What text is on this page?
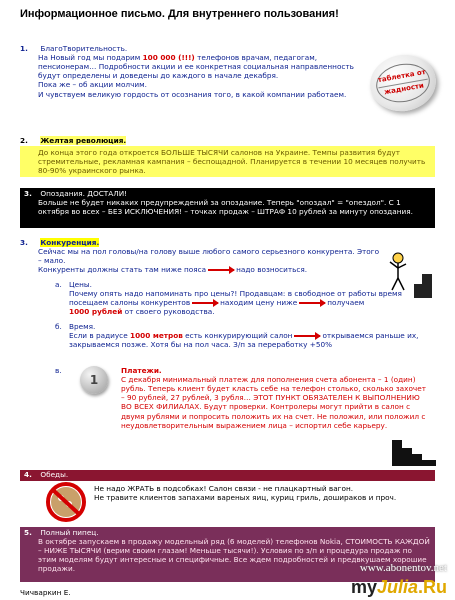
Информационное письмо. Для внутреннего пользования!
1. БлагоТворительность.
На Новый год мы подарим 100 000 (!!!) телефонов врачам, педагогам, пенсионерам… Подробности акции и ее конкретная социальная направленность будут определены и доведены до каждого в начале декабря.
Пока же – об акции молчим.
И чувствуем великую гордость от осознания того, в какой компании работаем.
таблетка от
жадности
2. Желтая революция.
До конца этого года откроется БОЛЬШЕ ТЫСЯЧИ салонов на Украине. Темпы развития будут стремительные, рекламная кампания – беспощадной. Планируется в течении 10 месяцев получить 80-90% украинского рынка.
3. Опоздания. ДОСТАЛИ!
Больше не будет никаких предупреждений за опоздание. Теперь "опоздал" = "опездол". С 1 октября во всех – БЕЗ ИСКЛЮЧЕНИЯ! – точках продаж – ШТРАФ 10 рублей за минуту опоздания.
3. Конкуренция.
Сейчас мы на пол головы/на голову выше любого самого серьезного конкурента. Этого – мало.
Конкуренты должны стать там ниже пояса	надо возноситься.
a. Цены.
Почему опять надо напоминать про цены?! Продавцам: в свободное от работы время посещаем салоны конкурентов	находим цену ниже	получаем
1000 рублей от своего руководства.
б. Время.
Если в радиусе 1000 метров есть конкурирующий салон	открываемся раньше их, закрываемся позже. Хотя бы на пол часа. З/п за переработку +50%
1
в.	Платежи.
С декабря минимальный платеж для пополнения счета абонента – 1 (один) рубль. Теперь клиент будет класть себе на телефон столько, сколько захочет – 90 рублей, 27 рублей, 3 рубля… ЭТОТ ПУНКТ ОБЯЗАТЕЛЕН К ВЫПОЛНЕНИЮ ВО ВСЕХ ФИЛИАЛАХ. Будут проверки. Контролеры могут прийти в салон с двумя рублями и попросить положить их на счет. Не положил, или положил с неудовлетворительным выражением лица – испортил себе карьеру.
4. Обеды.
Не надо ЖРАТЬ в подсобках! Салон связи - не плацкартный вагон.
Не травите клиентов запахами вареных яиц, куриц гриль, дошираков и проч.
5. Полный пипец.
В октябре запускаем в продажу модельный ряд (6 моделей) телефонов Nokia, СТОИМОСТЬ КАЖДОЙ – НИЖЕ ТЫСЯЧИ (верим своим глазам! Меньше тысячи!). Условия по з/п и процедура продаж по этим моделям будут интересные и специфичные. Все ждем подробностей и предвкушаем хорошие продажи.
Чичваркин Е.
www.abonentov.net
myJulia.Ru
